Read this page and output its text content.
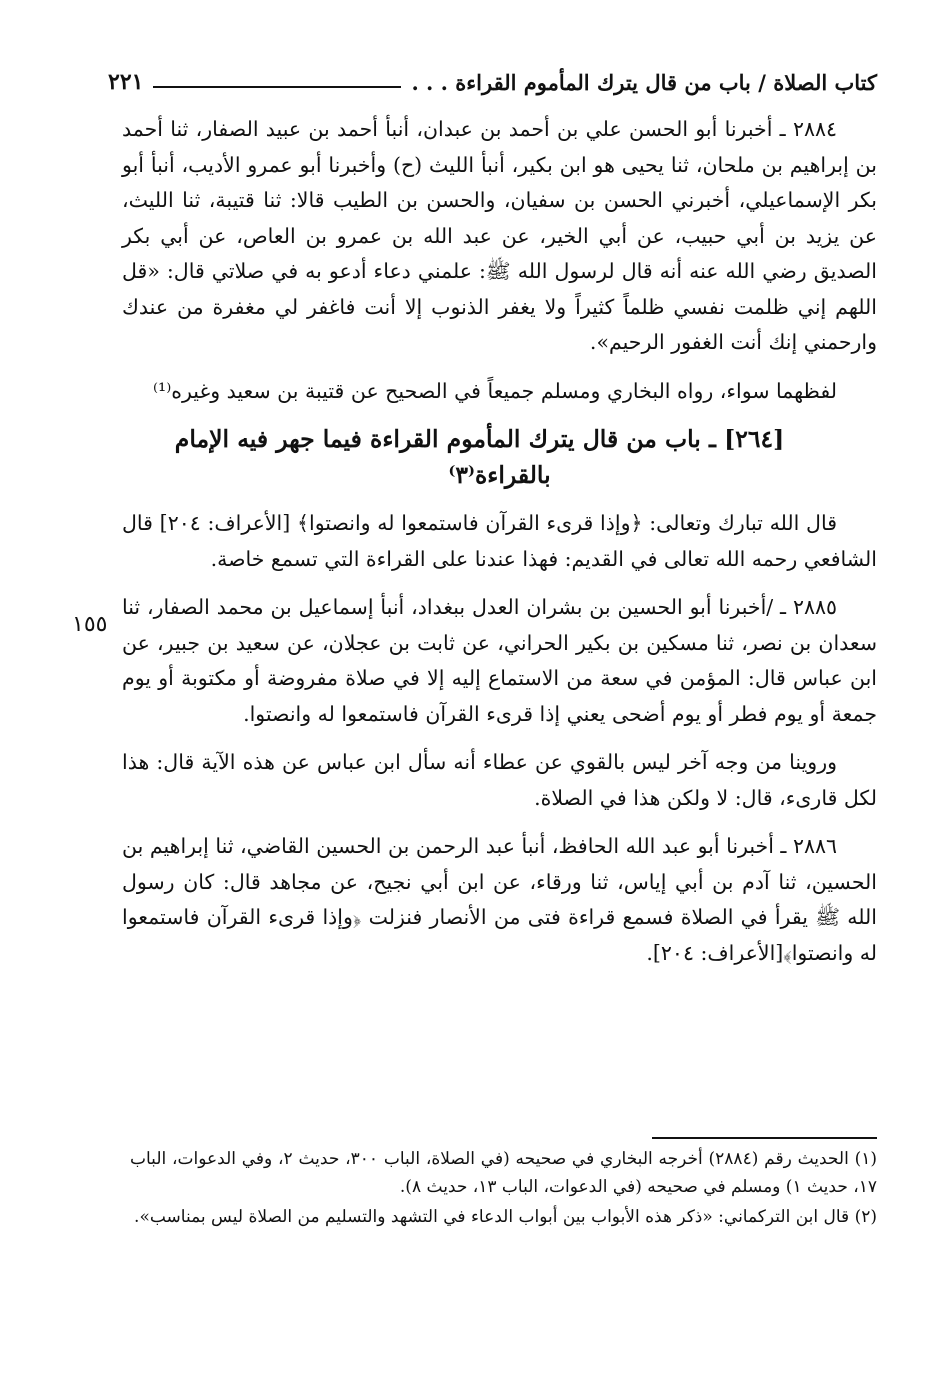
كتاب الصلاة / باب من قال يترك المأموم القراءة . . .
٢٢١
١٥٥

٢٨٨٤ ـ أخبرنا أبو الحسن علي بن أحمد بن عبدان، أنبأ أحمد بن عبيد الصفار، ثنا أحمد بن إبراهيم بن ملحان، ثنا يحيى هو ابن بكير، أنبأ الليث (ح) وأخبرنا أبو عمرو الأديب، أنبأ أبو بكر الإسماعيلي، أخبرني الحسن بن سفيان، والحسن بن الطيب قالا: ثنا قتيبة، ثنا الليث، عن يزيد بن أبي حبيب، عن أبي الخير، عن عبد الله بن عمرو بن العاص، عن أبي بكر الصديق رضي الله عنه أنه قال لرسول الله ﷺ: علمني دعاء أدعو به في صلاتي قال: «قل اللهم إني ظلمت نفسي ظلماً كثيراً ولا يغفر الذنوب إلا أنت فاغفر لي مغفرة من عندك وارحمني إنك أنت الغفور الرحيم».

لفظهما سواء، رواه البخاري ومسلم جميعاً في الصحيح عن قتيبة بن سعيد وغيره⁽¹⁾

[٢٦٤] ـ باب من قال يترك المأموم القراءة فيما جهر فيه الإمام بالقراءة⁽٣⁾

قال الله تبارك وتعالى: ﴿وإذا قرىء القرآن فاستمعوا له وانصتوا﴾ [الأعراف: ٢٠٤] قال الشافعي رحمه الله تعالى في القديم: فهذا عندنا على القراءة التي تسمع خاصة.

٢٨٨٥ ـ /أخبرنا أبو الحسين بن بشران العدل ببغداد، أنبأ إسماعيل بن محمد الصفار، ثنا سعدان بن نصر، ثنا مسكين بن بكير الحراني، عن ثابت بن عجلان، عن سعيد بن جبير، عن ابن عباس قال: المؤمن في سعة من الاستماع إليه إلا في صلاة مفروضة أو مكتوبة أو يوم جمعة أو يوم فطر أو يوم أضحى يعني إذا قرىء القرآن فاستمعوا له وانصتوا.

وروينا من وجه آخر ليس بالقوي عن عطاء أنه سأل ابن عباس عن هذه الآية قال: هذا لكل قارىء، قال: لا ولكن هذا في الصلاة.

٢٨٨٦ ـ أخبرنا أبو عبد الله الحافظ، أنبأ عبد الرحمن بن الحسين القاضي، ثنا إبراهيم بن الحسين، ثنا آدم بن أبي إياس، ثنا ورقاء، عن ابن أبي نجيح، عن مجاهد قال: كان رسول الله ﷺ يقرأ في الصلاة فسمع قراءة فتى من الأنصار فنزلت ﴿وإذا قرىء القرآن فاستمعوا له وانصتوا﴾[الأعراف: ٢٠٤].

(١) الحديث رقم (٢٨٨٤) أخرجه البخاري في صحيحه (في الصلاة، الباب ٣٠٠، حديث ٢، وفي الدعوات، الباب ١٧، حديث ١) ومسلم في صحيحه (في الدعوات، الباب ١٣، حديث ٨).

(٢) قال ابن التركماني: «ذكر هذه الأبواب بين أبواب الدعاء في التشهد والتسليم من الصلاة ليس بمناسب».
